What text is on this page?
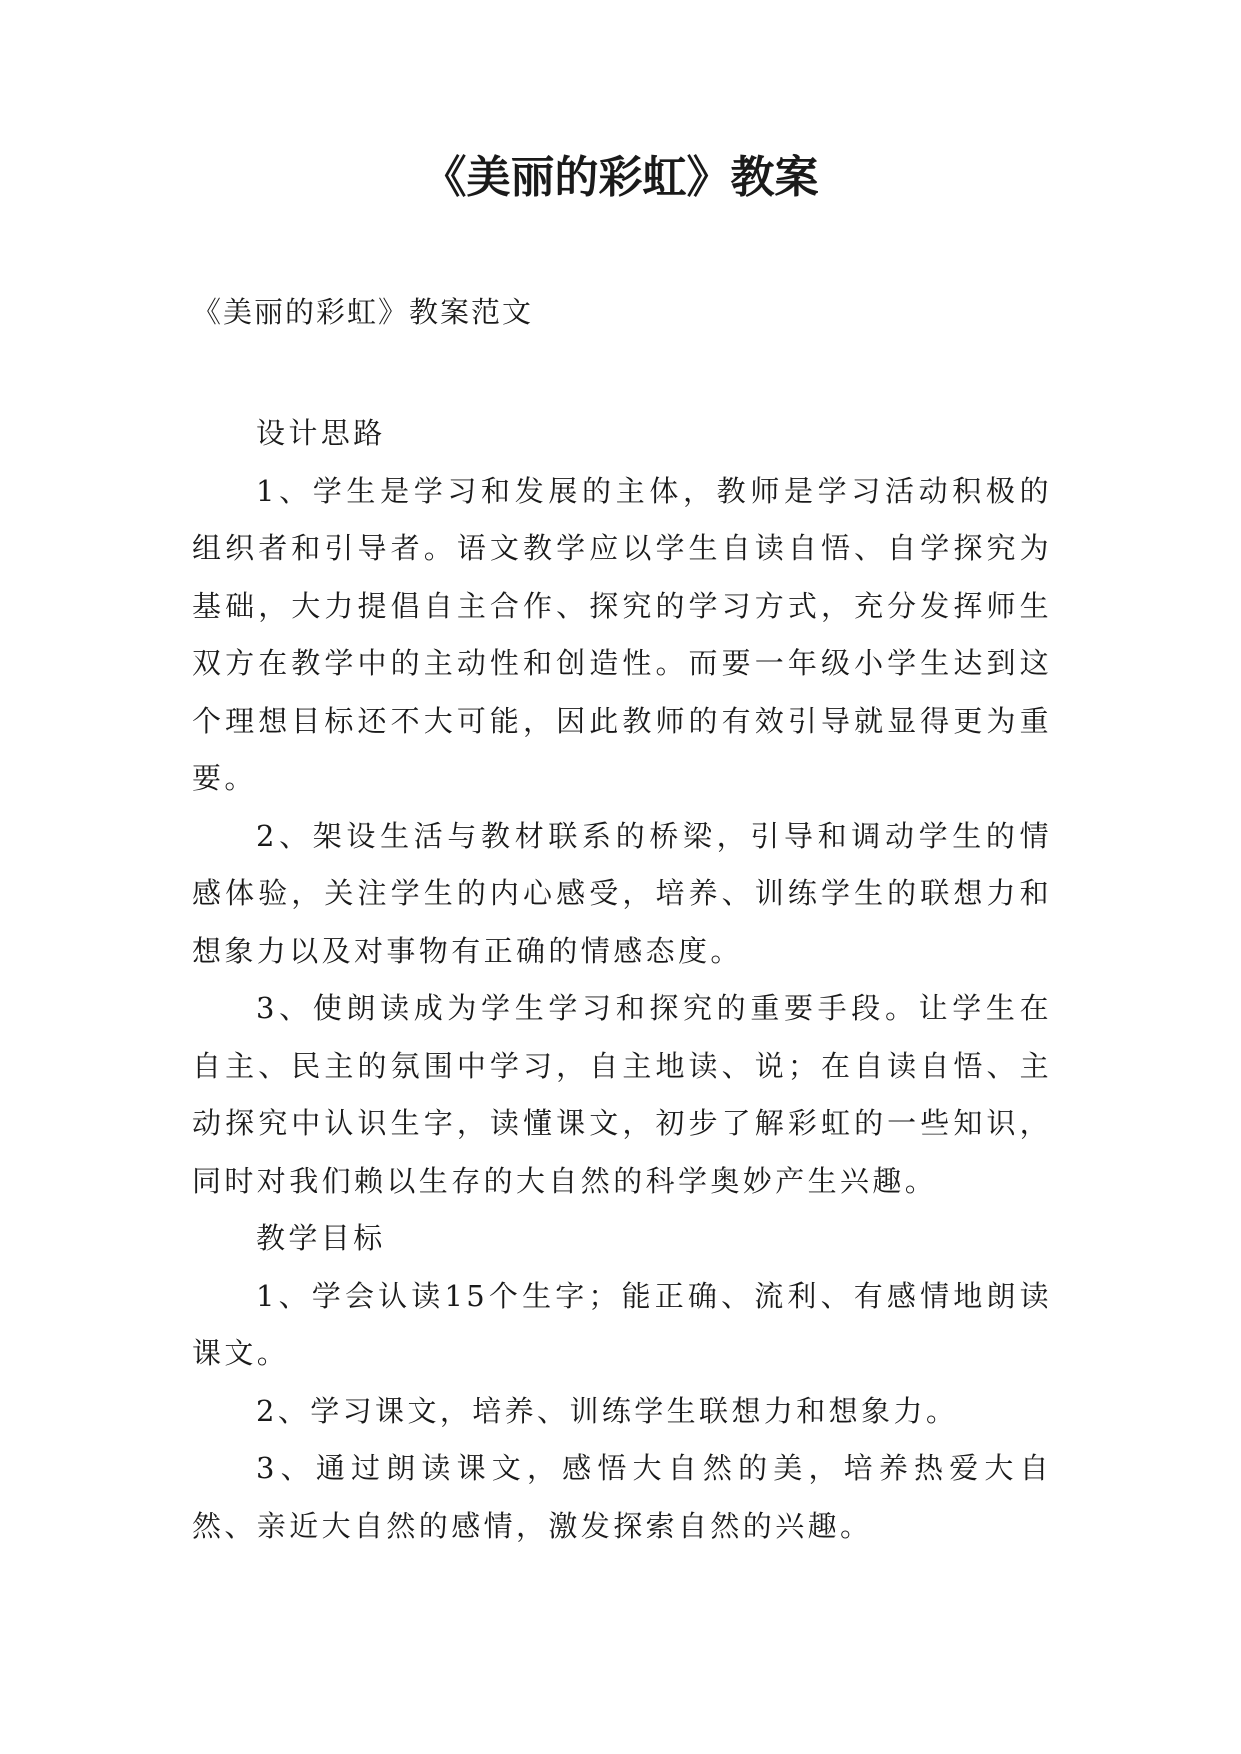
《美丽的彩虹》教案

《美丽的彩虹》教案范文

设计思路

1、学生是学习和发展的主体，教师是学习活动积极的组织者和引导者。语文教学应以学生自读自悟、自学探究为基础，大力提倡自主合作、探究的学习方式，充分发挥师生双方在教学中的主动性和创造性。而要一年级小学生达到这个理想目标还不大可能，因此教师的有效引导就显得更为重要。

2、架设生活与教材联系的桥梁，引导和调动学生的情感体验，关注学生的内心感受，培养、训练学生的联想力和想象力以及对事物有正确的情感态度。

3、使朗读成为学生学习和探究的重要手段。让学生在自主、民主的氛围中学习，自主地读、说；在自读自悟、主动探究中认识生字，读懂课文，初步了解彩虹的一些知识，同时对我们赖以生存的大自然的科学奥妙产生兴趣。

教学目标

1、学会认读15个生字；能正确、流利、有感情地朗读课文。

2、学习课文，培养、训练学生联想力和想象力。

3、通过朗读课文，感悟大自然的美，培养热爱大自然、亲近大自然的感情，激发探索自然的兴趣。
